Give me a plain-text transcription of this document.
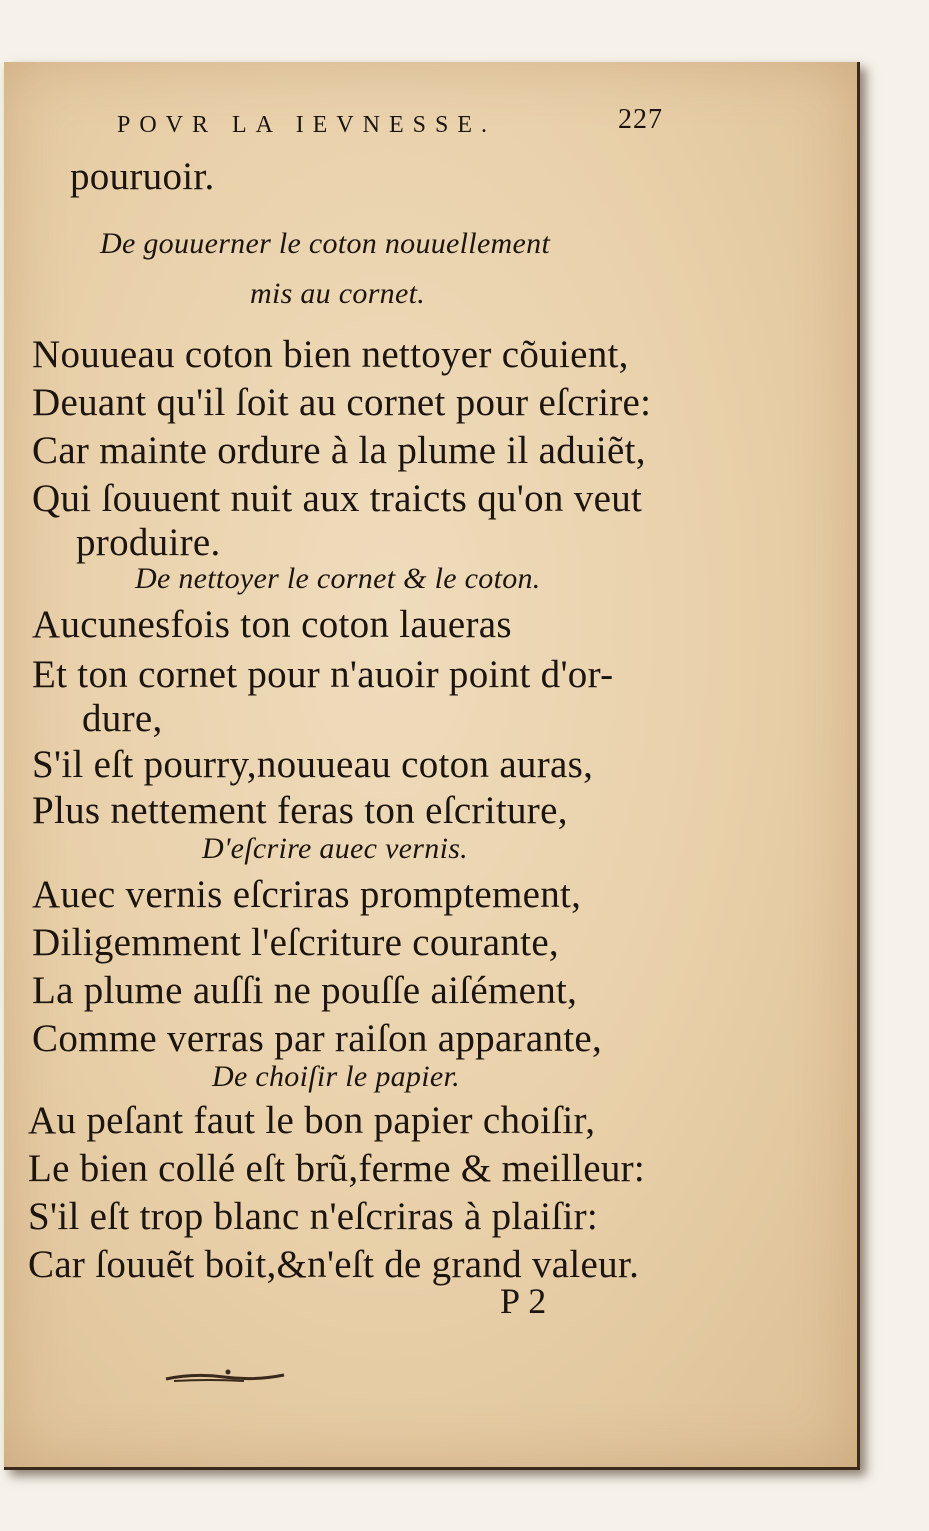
POVR LA IEVNESSE.	227
pouruoir.
De gouuerner le coton nouuellement
mis au cornet.
Nouueau coton bien nettoyer cõuient,
Deuant qu'il ſoit au cornet pour eſcrire:
Car mainte ordure à la plume il aduiẽt,
Qui ſouuent nuit aux traicts qu'on veut
produire.
De nettoyer le cornet & le coton.
Aucunesfois ton coton laueras
Et ton cornet pour n'auoir point d'or-
dure,
S'il eſt pourry,nouueau coton auras,
Plus nettement feras ton eſcriture,
D'eſcrire auec vernis.
Auec vernis eſcriras promptement,
Diligemment l'eſcriture courante,
La plume auſſi ne pouſſe aiſément,
Comme verras par raiſon apparante,
De choiſir le papier.
Au peſant faut le bon papier choiſir,
Le bien collé eſt brũ,ferme & meilleur:
S'il eſt trop blanc n'eſcriras à plaiſir:
Car ſouuẽt boit,&n'eſt de grand valeur.
P 2
